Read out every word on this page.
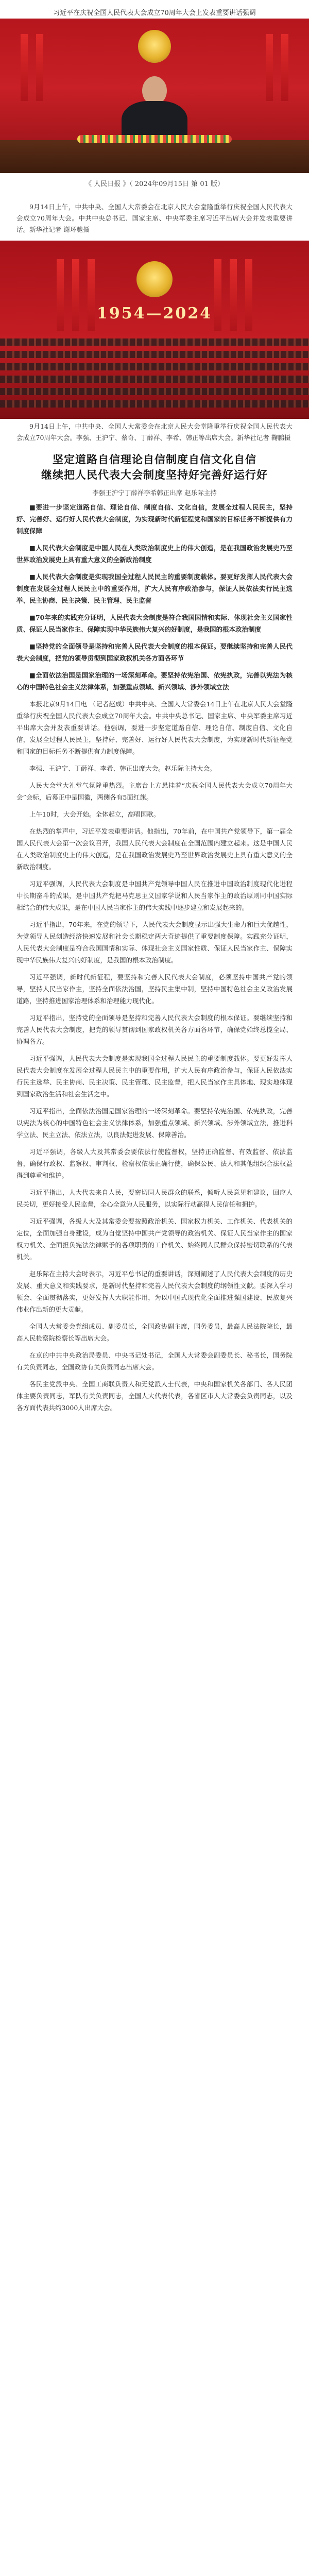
习近平在庆祝全国人民代表大会成立70周年大会上发表重要讲话强调
《 人民日报 》（ 2024年09月15日 第 01 版）
9月14日上午，中共中央、全国人大常委会在北京人民大会堂隆重举行庆祝全国人民代表大会成立70周年大会。中共中央总书记、国家主席、中央军委主席习近平出席大会并发表重要讲话。新华社记者 谢环驰摄
1954—2024
9月14日上午，中共中央、全国人大常委会在北京人民大会堂隆重举行庆祝全国人民代表大会成立70周年大会。李强、王沪宁、蔡奇、丁薛祥、李希、韩正等出席大会。新华社记者 鞠鹏摄
坚定道路自信理论自信制度自信文化自信
继续把人民代表大会制度坚持好完善好运行好
李强王沪宁丁薛祥李希韩正出席 赵乐际主持

■要进一步坚定道路自信、理论自信、制度自信、文化自信，发展全过程人民民主，坚持好、完善好、运行好人民代表大会制度，为实现新时代新征程党和国家的目标任务不断提供有力制度保障

■人民代表大会制度是中国人民在人类政治制度史上的伟大创造，是在我国政治发展史乃至世界政治发展史上具有重大意义的全新政治制度

■人民代表大会制度是实现我国全过程人民民主的重要制度载体。要更好发挥人民代表大会制度在发展全过程人民民主中的重要作用，扩大人民有序政治参与，保证人民依法实行民主选举、民主协商、民主决策、民主管理、民主监督

■70年来的实践充分证明，人民代表大会制度是符合我国国情和实际、体现社会主义国家性质、保证人民当家作主、保障实现中华民族伟大复兴的好制度，是我国的根本政治制度

■坚持党的全面领导是坚持和完善人民代表大会制度的根本保证。要继续坚持和完善人民代表大会制度，把党的领导贯彻到国家政权机关各方面各环节

■全面依法治国是国家治理的一场深刻革命。要坚持依宪治国、依宪执政，完善以宪法为核心的中国特色社会主义法律体系，加强重点领域、新兴领域、涉外领域立法

本报北京9月14日电 （记者赵成）中共中央、全国人大常委会14日上午在北京人民大会堂隆重举行庆祝全国人民代表大会成立70周年大会。中共中央总书记、国家主席、中央军委主席习近平出席大会并发表重要讲话。他强调，要进一步坚定道路自信、理论自信、制度自信、文化自信，发展全过程人民民主，坚持好、完善好、运行好人民代表大会制度，为实现新时代新征程党和国家的目标任务不断提供有力制度保障。

李强、王沪宁、丁薛祥、李希、韩正出席大会。赵乐际主持大会。

人民大会堂大礼堂气氛隆重热烈。主席台上方悬挂着“庆祝全国人民代表大会成立70周年大会”会标，后幕正中是国徽，两侧各有5面红旗。

上午10时，大会开始。全体起立，高唱国歌。

在热烈的掌声中，习近平发表重要讲话。他指出，70年前，在中国共产党领导下，第一届全国人民代表大会第一次会议召开，我国人民代表大会制度在全国范围内建立起来。这是中国人民在人类政治制度史上的伟大创造，是在我国政治发展史乃至世界政治发展史上具有重大意义的全新政治制度。

习近平强调，人民代表大会制度是中国共产党领导中国人民在推进中国政治制度现代化进程中长期奋斗的成果，是中国共产党把马克思主义国家学说和人民当家作主的政治原则同中国实际相结合的伟大成果，是在中国人民当家作主的伟大实践中逐步建立和发展起来的。

习近平指出，70年来，在党的领导下，人民代表大会制度显示出强大生命力和巨大优越性，为党领导人民创造经济快速发展和社会长期稳定两大奇迹提供了重要制度保障。实践充分证明，人民代表大会制度是符合我国国情和实际、体现社会主义国家性质、保证人民当家作主、保障实现中华民族伟大复兴的好制度，是我国的根本政治制度。

习近平强调，新时代新征程，要坚持和完善人民代表大会制度，必须坚持中国共产党的领导，坚持人民当家作主，坚持全面依法治国，坚持民主集中制，坚持中国特色社会主义政治发展道路，坚持推进国家治理体系和治理能力现代化。

习近平指出，坚持党的全面领导是坚持和完善人民代表大会制度的根本保证。要继续坚持和完善人民代表大会制度，把党的领导贯彻到国家政权机关各方面各环节，确保党始终总揽全局、协调各方。

习近平强调，人民代表大会制度是实现我国全过程人民民主的重要制度载体。要更好发挥人民代表大会制度在发展全过程人民民主中的重要作用，扩大人民有序政治参与，保证人民依法实行民主选举、民主协商、民主决策、民主管理、民主监督，把人民当家作主具体地、现实地体现到国家政治生活和社会生活之中。

习近平指出，全面依法治国是国家治理的一场深刻革命。要坚持依宪治国、依宪执政，完善以宪法为核心的中国特色社会主义法律体系，加强重点领域、新兴领域、涉外领域立法，推进科学立法、民主立法、依法立法，以良法促进发展、保障善治。

习近平强调，各级人大及其常委会要依法行使监督权，坚持正确监督、有效监督、依法监督，确保行政权、监察权、审判权、检察权依法正确行使，确保公民、法人和其他组织合法权益得到尊重和维护。

习近平指出，人大代表来自人民，要密切同人民群众的联系，倾听人民意见和建议，回应人民关切，更好接受人民监督，全心全意为人民服务，以实际行动赢得人民信任和拥护。

习近平强调，各级人大及其常委会要按照政治机关、国家权力机关、工作机关、代表机关的定位，全面加强自身建设，成为自觉坚持中国共产党领导的政治机关、保证人民当家作主的国家权力机关、全面担负宪法法律赋予的各项职责的工作机关、始终同人民群众保持密切联系的代表机关。

赵乐际在主持大会时表示，习近平总书记的重要讲话，深刻阐述了人民代表大会制度的历史发展、重大意义和实践要求，是新时代坚持和完善人民代表大会制度的纲领性文献。要深入学习领会、全面贯彻落实，更好发挥人大职能作用，为以中国式现代化全面推进强国建设、民族复兴伟业作出新的更大贡献。

全国人大常委会党组成员、副委员长，全国政协副主席，国务委员，最高人民法院院长，最高人民检察院检察长等出席大会。

在京的中共中央政治局委员、中央书记处书记，全国人大常委会副委员长、秘书长，国务院有关负责同志，全国政协有关负责同志出席大会。

各民主党派中央、全国工商联负责人和无党派人士代表，中央和国家机关各部门、各人民团体主要负责同志，军队有关负责同志，全国人大代表代表，各省区市人大常委会负责同志，以及各方面代表共约3000人出席大会。
